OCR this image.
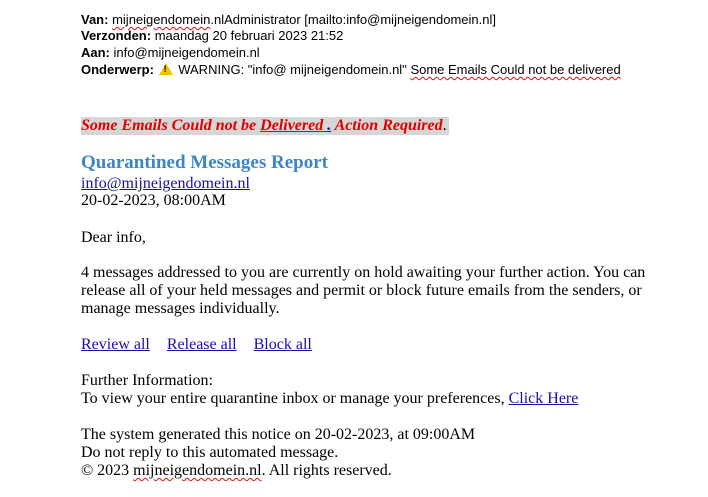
Van: mijneigendomein.nlAdministrator [mailto:info@mijneigendomein.nl]
Verzonden: maandag 20 februari 2023 21:52
Aan: info@mijneigendomein.nl
Onderwerp: ! WARNING: "info@ mijneigendomein.nl" Some Emails Could not be delivered
Some Emails Could not be Delivered . Action Required.
Quarantined Messages Report
info@mijneigendomein.nl
20-02-2023, 08:00AM
Dear info,
4 messages addressed to you are currently on hold awaiting your further action. You can
release all of your held messages and permit or block future emails from the senders, or
manage messages individually.
Review all Release all Block all
Further Information:
To view your entire quarantine inbox or manage your preferences, Click Here
The system generated this notice on 20-02-2023, at 09:00AM
Do not reply to this automated message.
© 2023 mijneigendomein.nl. All rights reserved.
